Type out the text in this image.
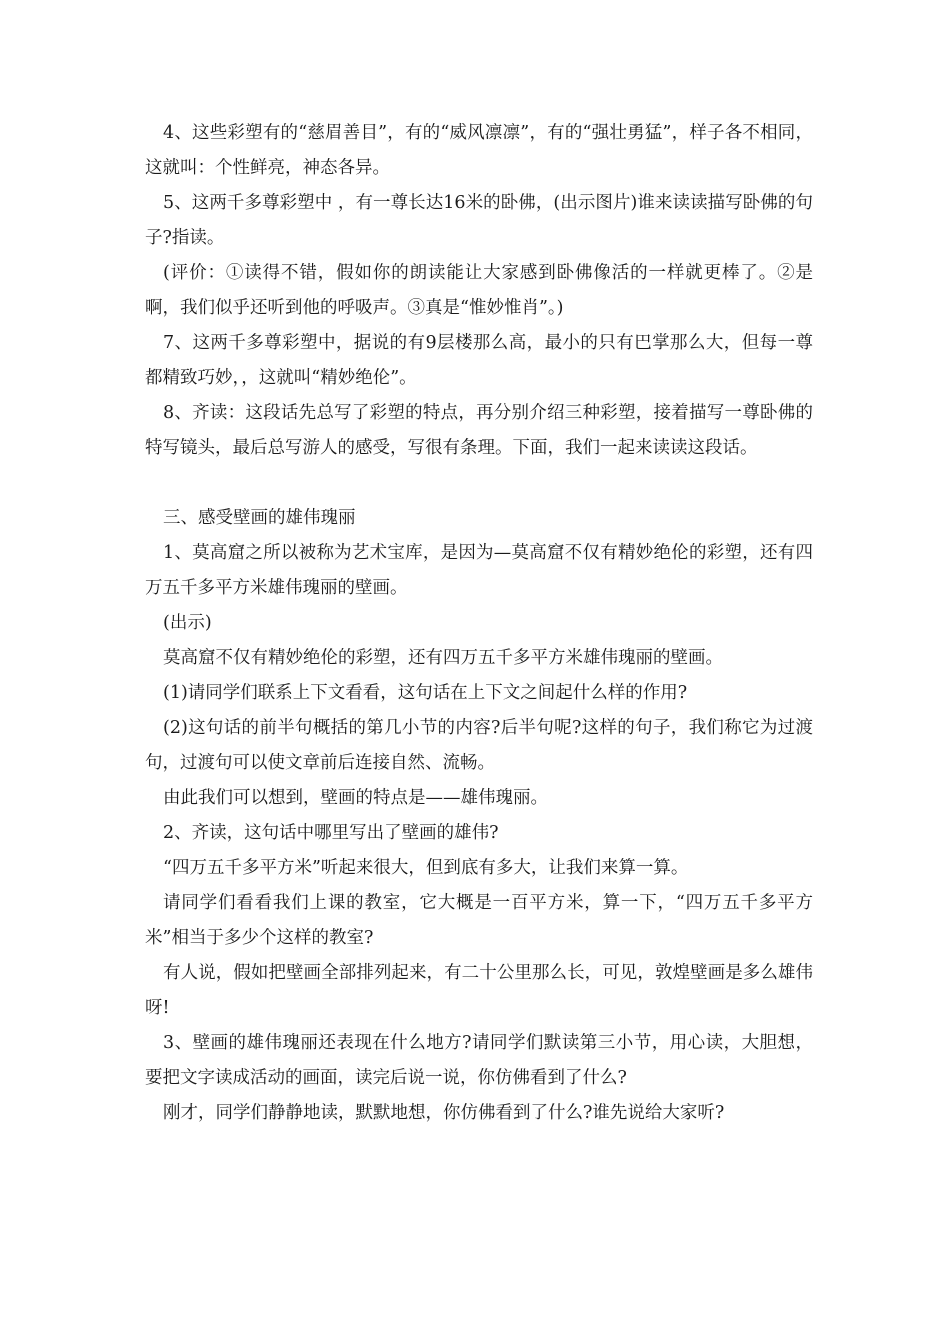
4、这些彩塑有的“慈眉善目”，有的“威风凛凛”，有的“强壮勇猛”，样子各不相同，这就叫：个性鲜亮，神态各异。

5、这两千多尊彩塑中 ，有一尊长达16米的卧佛，(出示图片)谁来读读描写卧佛的句子?指读。

(评价：①读得不错，假如你的朗读能让大家感到卧佛像活的一样就更棒了。②是啊，我们似乎还听到他的呼吸声。③真是“惟妙惟肖”。)

7、这两千多尊彩塑中，据说的有9层楼那么高，最小的只有巴掌那么大，但每一尊都精致巧妙，，这就叫“精妙绝伦”。

8、齐读：这段话先总写了彩塑的特点，再分别介绍三种彩塑，接着描写一尊卧佛的特写镜头，最后总写游人的感受，写很有条理。下面，我们一起来读读这段话。

三、感受壁画的雄伟瑰丽

1、莫高窟之所以被称为艺术宝库，是因为—莫高窟不仅有精妙绝伦的彩塑，还有四万五千多平方米雄伟瑰丽的壁画。

(出示)

莫高窟不仅有精妙绝伦的彩塑，还有四万五千多平方米雄伟瑰丽的壁画。

(1)请同学们联系上下文看看，这句话在上下文之间起什么样的作用?

(2)这句话的前半句概括的第几小节的内容?后半句呢?这样的句子，我们称它为过渡句，过渡句可以使文章前后连接自然、流畅。

由此我们可以想到，壁画的特点是——雄伟瑰丽。

2、齐读，这句话中哪里写出了壁画的雄伟?

“四万五千多平方米”听起来很大，但到底有多大，让我们来算一算。

请同学们看看我们上课的教室，它大概是一百平方米，算一下，“四万五千多平方米”相当于多少个这样的教室?

有人说，假如把壁画全部排列起来，有二十公里那么长，可见，敦煌壁画是多么雄伟呀!

3、壁画的雄伟瑰丽还表现在什么地方?请同学们默读第三小节，用心读，大胆想，要把文字读成活动的画面，读完后说一说，你仿佛看到了什么?

刚才，同学们静静地读，默默地想，你仿佛看到了什么?谁先说给大家听?
